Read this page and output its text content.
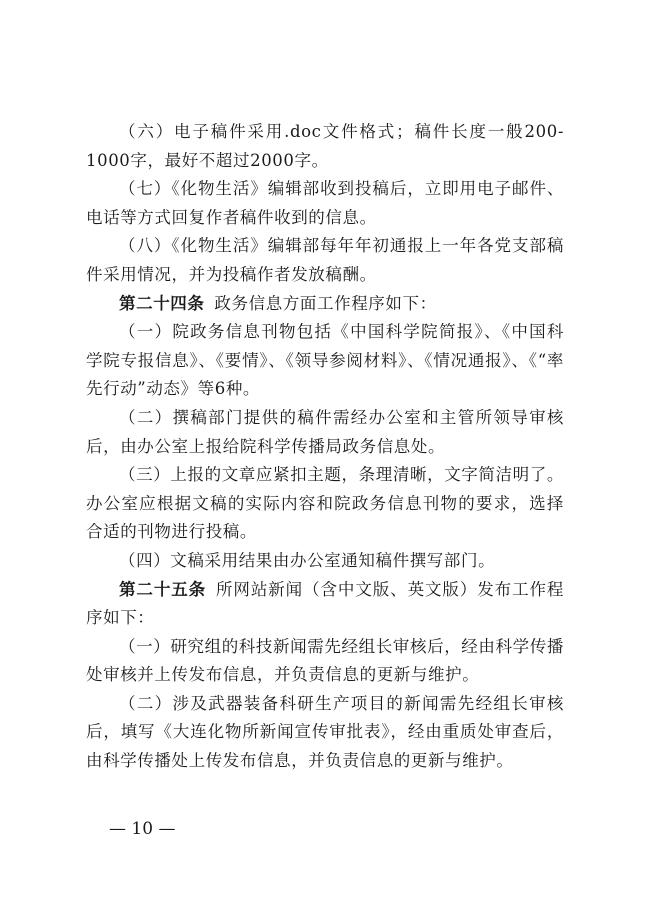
（六）电子稿件采用.doc文件格式；稿件长度一般200-1000字，最好不超过2000字。

（七）《化物生活》编辑部收到投稿后，立即用电子邮件、电话等方式回复作者稿件收到的信息。

（八）《化物生活》编辑部每年年初通报上一年各党支部稿件采用情况，并为投稿作者发放稿酬。

第二十四条 政务信息方面工作程序如下：

（一）院政务信息刊物包括《中国科学院简报》、《中国科学院专报信息》、《要情》、《领导参阅材料》、《情况通报》、《“率先行动”动态》等6种。

（二）撰稿部门提供的稿件需经办公室和主管所领导审核后，由办公室上报给院科学传播局政务信息处。

（三）上报的文章应紧扣主题，条理清晰，文字简洁明了。办公室应根据文稿的实际内容和院政务信息刊物的要求，选择合适的刊物进行投稿。

（四）文稿采用结果由办公室通知稿件撰写部门。

第二十五条 所网站新闻（含中文版、英文版）发布工作程序如下：

（一）研究组的科技新闻需先经组长审核后，经由科学传播处审核并上传发布信息，并负责信息的更新与维护。

（二）涉及武器装备科研生产项目的新闻需先经组长审核后，填写《大连化物所新闻宣传审批表》，经由重质处审查后，由科学传播处上传发布信息，并负责信息的更新与维护。

— 10 —
